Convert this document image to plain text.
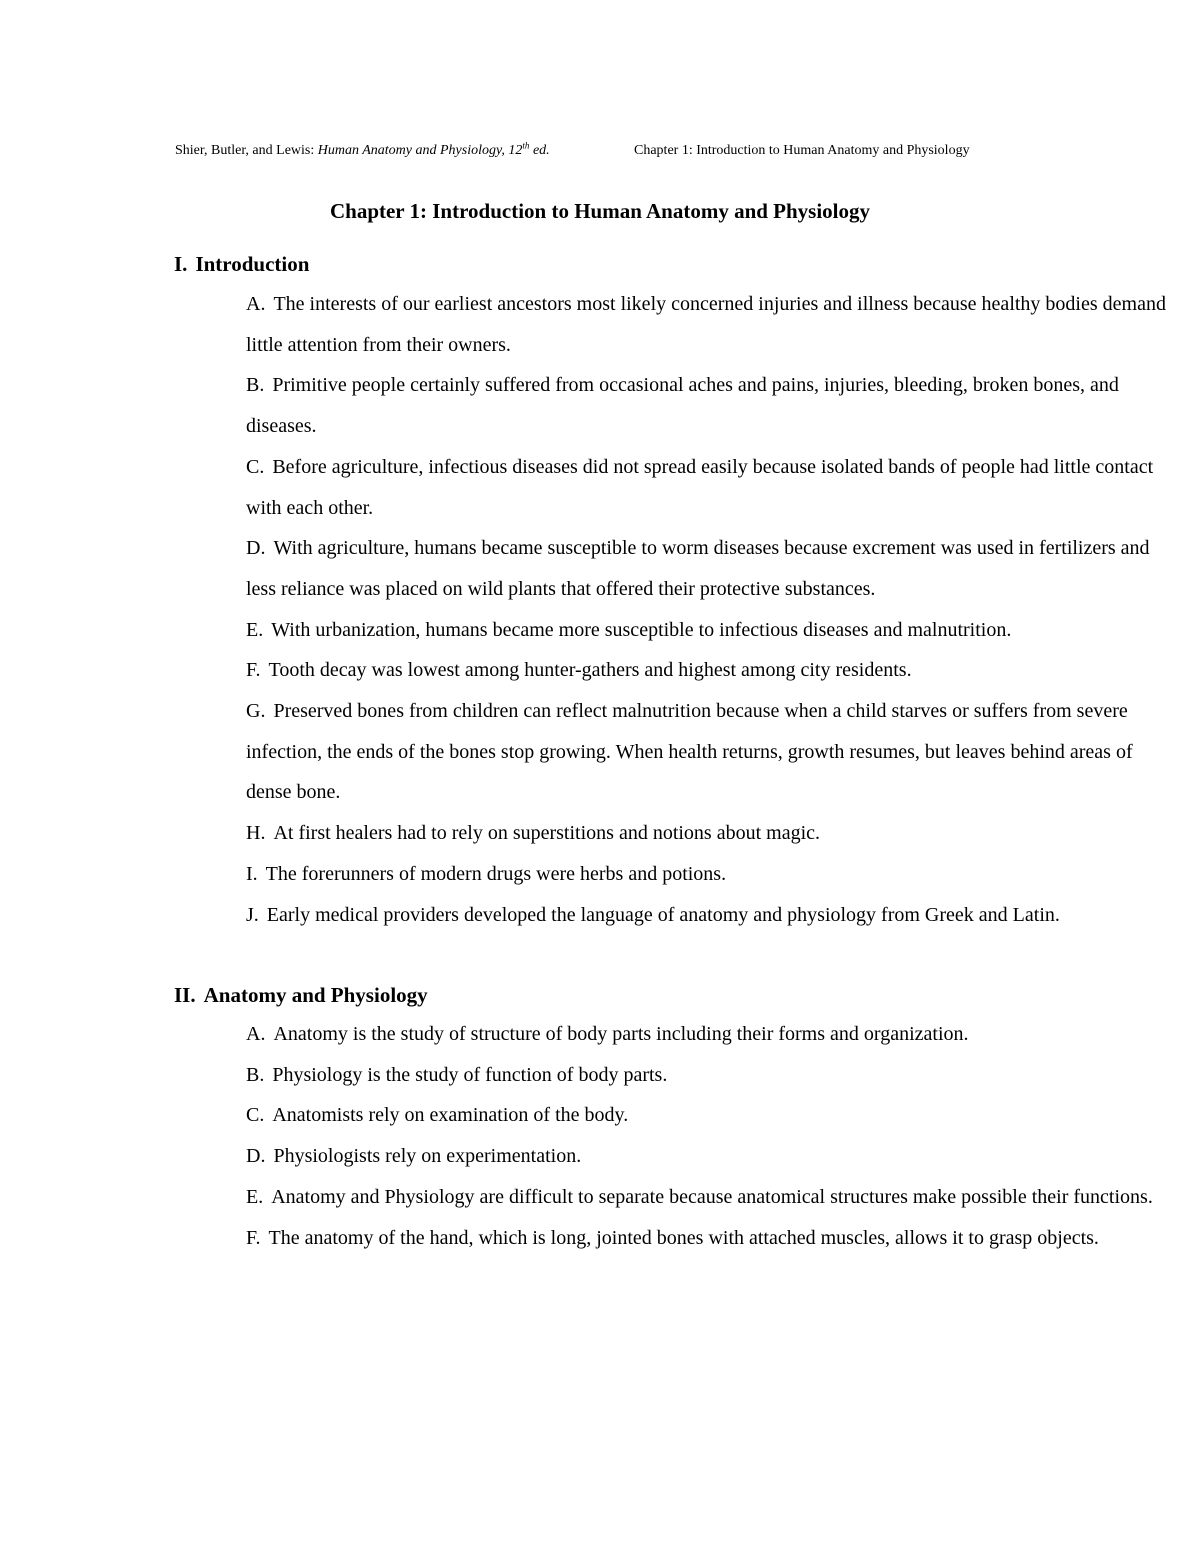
Shier, Butler, and Lewis: Human Anatomy and Physiology, 12th ed.	Chapter 1: Introduction to Human Anatomy and Physiology
Chapter 1: Introduction to Human Anatomy and Physiology
I. Introduction
A. The interests of our earliest ancestors most likely concerned injuries and illness because healthy bodies demand little attention from their owners.
B. Primitive people certainly suffered from occasional aches and pains, injuries, bleeding, broken bones, and diseases.
C. Before agriculture, infectious diseases did not spread easily because isolated bands of people had little contact with each other.
D. With agriculture, humans became susceptible to worm diseases because excrement was used in fertilizers and less reliance was placed on wild plants that offered their protective substances.
E. With urbanization, humans became more susceptible to infectious diseases and malnutrition.
F. Tooth decay was lowest among hunter-gathers and highest among city residents.
G. Preserved bones from children can reflect malnutrition because when a child starves or suffers from severe infection, the ends of the bones stop growing. When health returns, growth resumes, but leaves behind areas of dense bone.
H. At first healers had to rely on superstitions and notions about magic.
I. The forerunners of modern drugs were herbs and potions.
J. Early medical providers developed the language of anatomy and physiology from Greek and Latin.
II. Anatomy and Physiology
A. Anatomy is the study of structure of body parts including their forms and organization.
B. Physiology is the study of function of body parts.
C. Anatomists rely on examination of the body.
D. Physiologists rely on experimentation.
E. Anatomy and Physiology are difficult to separate because anatomical structures make possible their functions.
F. The anatomy of the hand, which is long, jointed bones with attached muscles, allows it to grasp objects.
